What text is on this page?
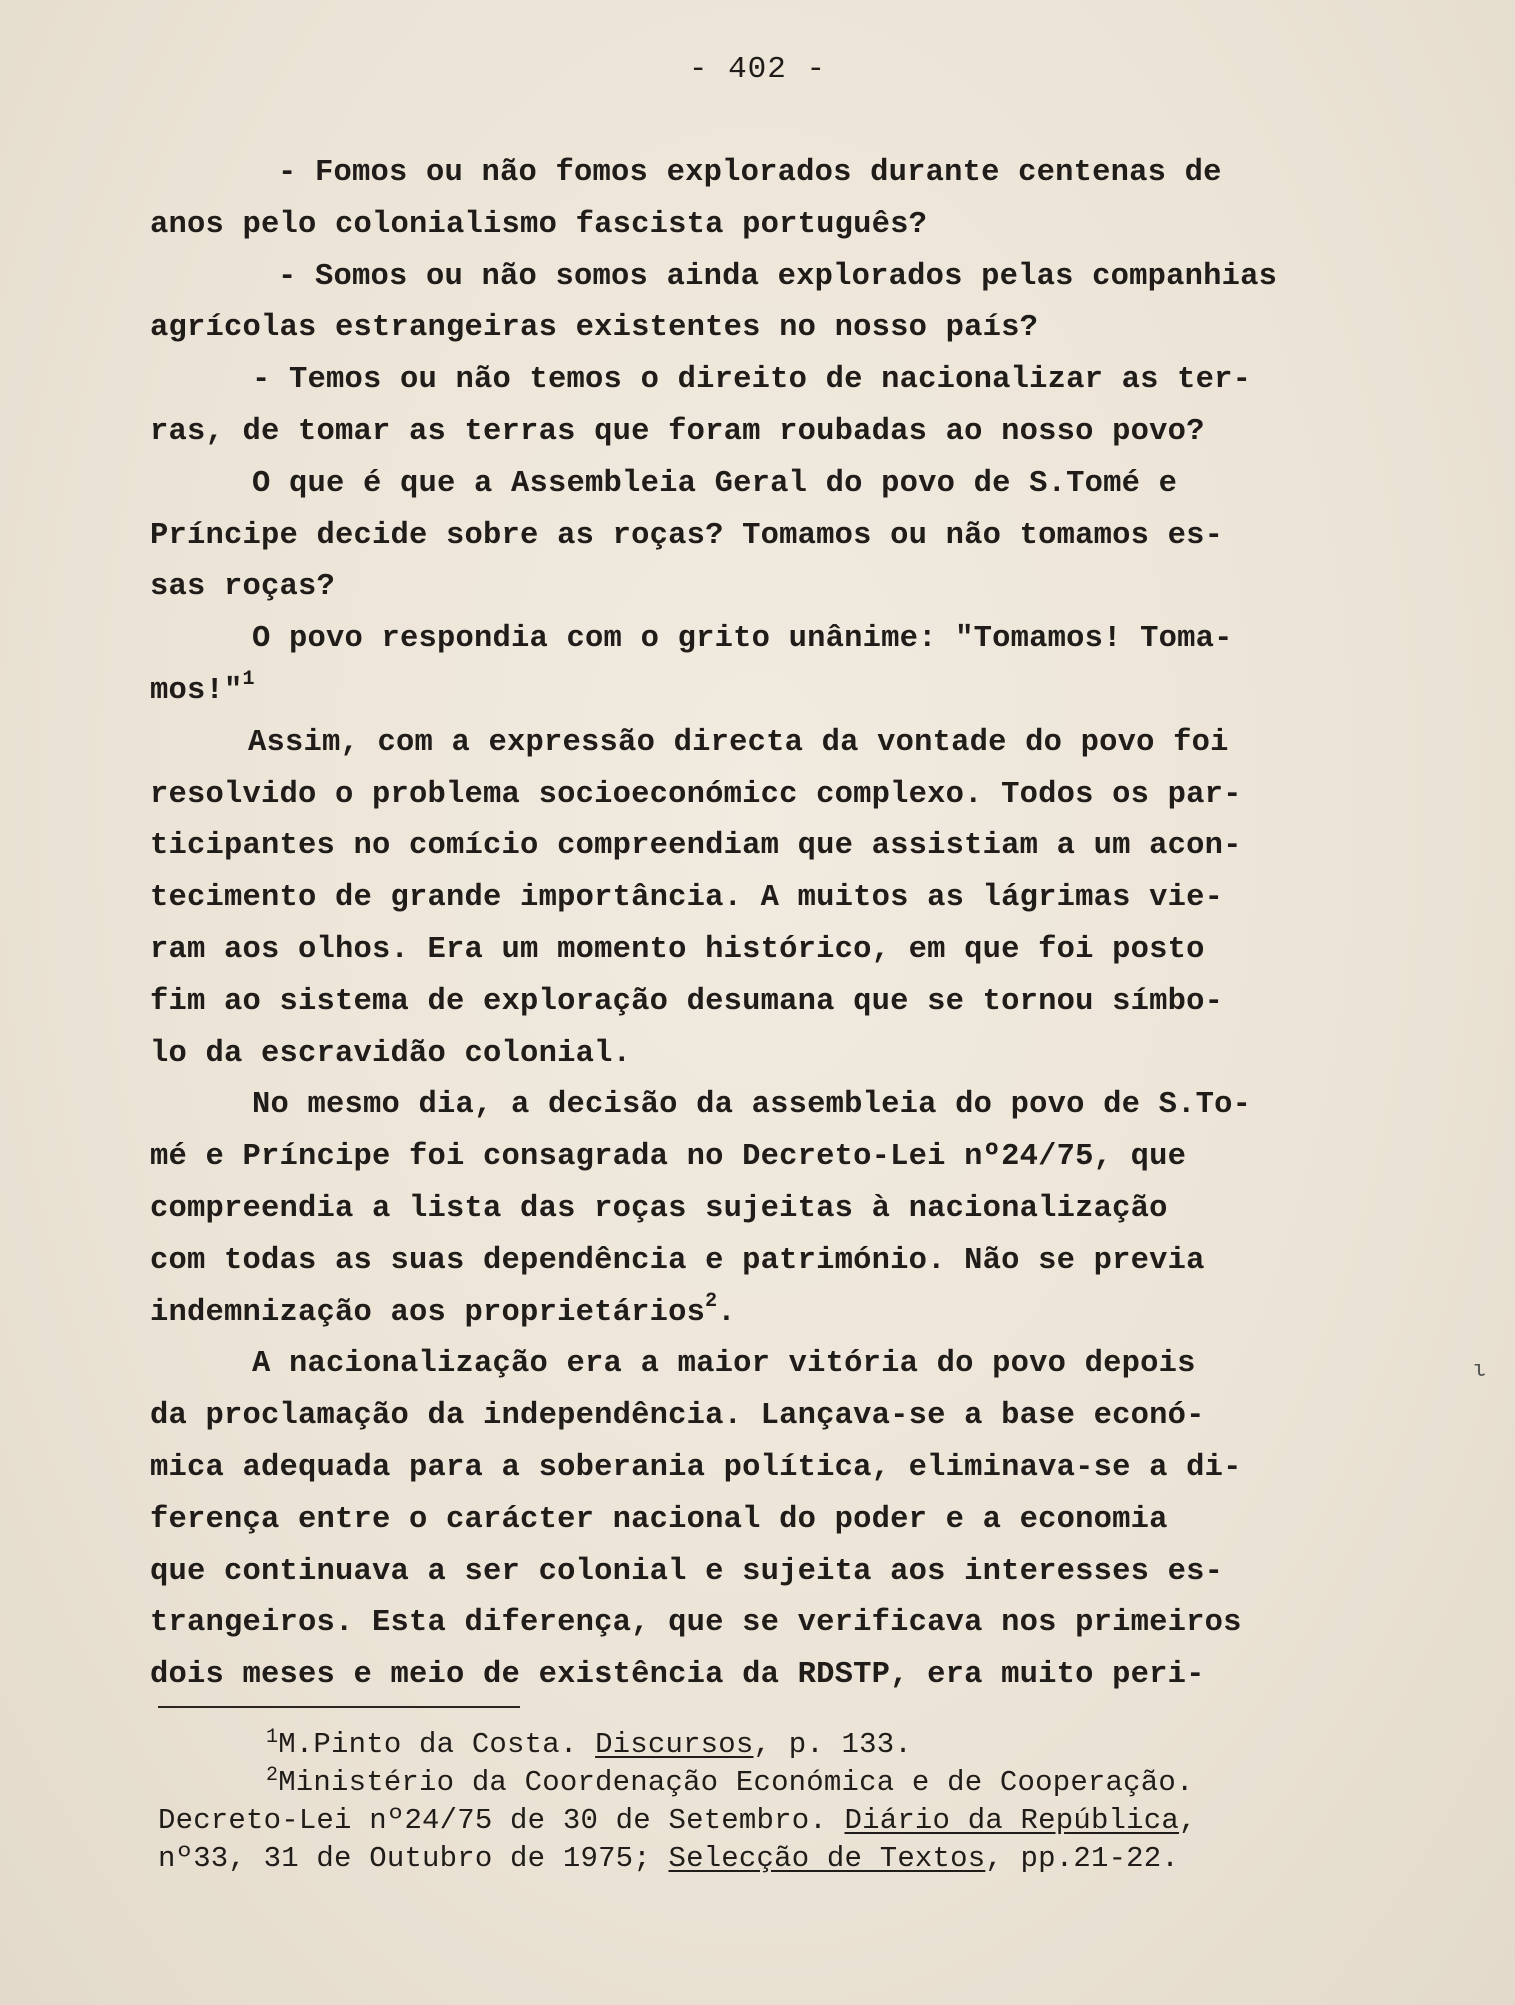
- 402 -
- Fomos ou não fomos explorados durante centenas de
anos pelo colonialismo fascista português?
- Somos ou não somos ainda explorados pelas companhias
agrícolas estrangeiras existentes no nosso país?
- Temos ou não temos o direito de nacionalizar as ter-
ras, de tomar as terras que foram roubadas ao nosso povo?
O que é que a Assembleia Geral do povo de S.Tomé e
Príncipe decide sobre as roças? Tomamos ou não tomamos es-
sas roças?
O povo respondia com o grito unânime: "Tomamos! Toma-
mos!"$^1$
Assim, com a expressão directa da vontade do povo foi
resolvido o problema socioeconómicc complexo. Todos os par-
ticipantes no comício compreendiam que assistiam a um acon-
tecimento de grande importância. A muitos as lágrimas vie-
ram aos olhos. Era um momento histórico, em que foi posto
fim ao sistema de exploração desumana que se tornou símbo-
lo da escravidão colonial.
No mesmo dia, a decisão da assembleia do povo de S.To-
mé e Príncipe foi consagrada no Decreto-Lei nº24/75, que
compreendia a lista das roças sujeitas à nacionalização
com todas as suas dependência e património. Não se previa
indemnização aos proprietários$^2$.
A nacionalização era a maior vitória do povo depois
da proclamação da independência. Lançava-se a base econó-
mica adequada para a soberania política, eliminava-se a di-
ferença entre o carácter nacional do poder e a economia
que continuava a ser colonial e sujeita aos interesses es-
trangeiros. Esta diferença, que se verificava nos primeiros
dois meses e meio de existência da RDSTP, era muito peri-
ι
$^1$M.Pinto da Costa. Discursos, p. 133.
$^2$Ministério da Coordenação Económica e de Cooperação.
Decreto-Lei nº24/75 de 30 de Setembro. Diário da República,
nº33, 31 de Outubro de 1975; Selecção de Textos, pp.21-22.
